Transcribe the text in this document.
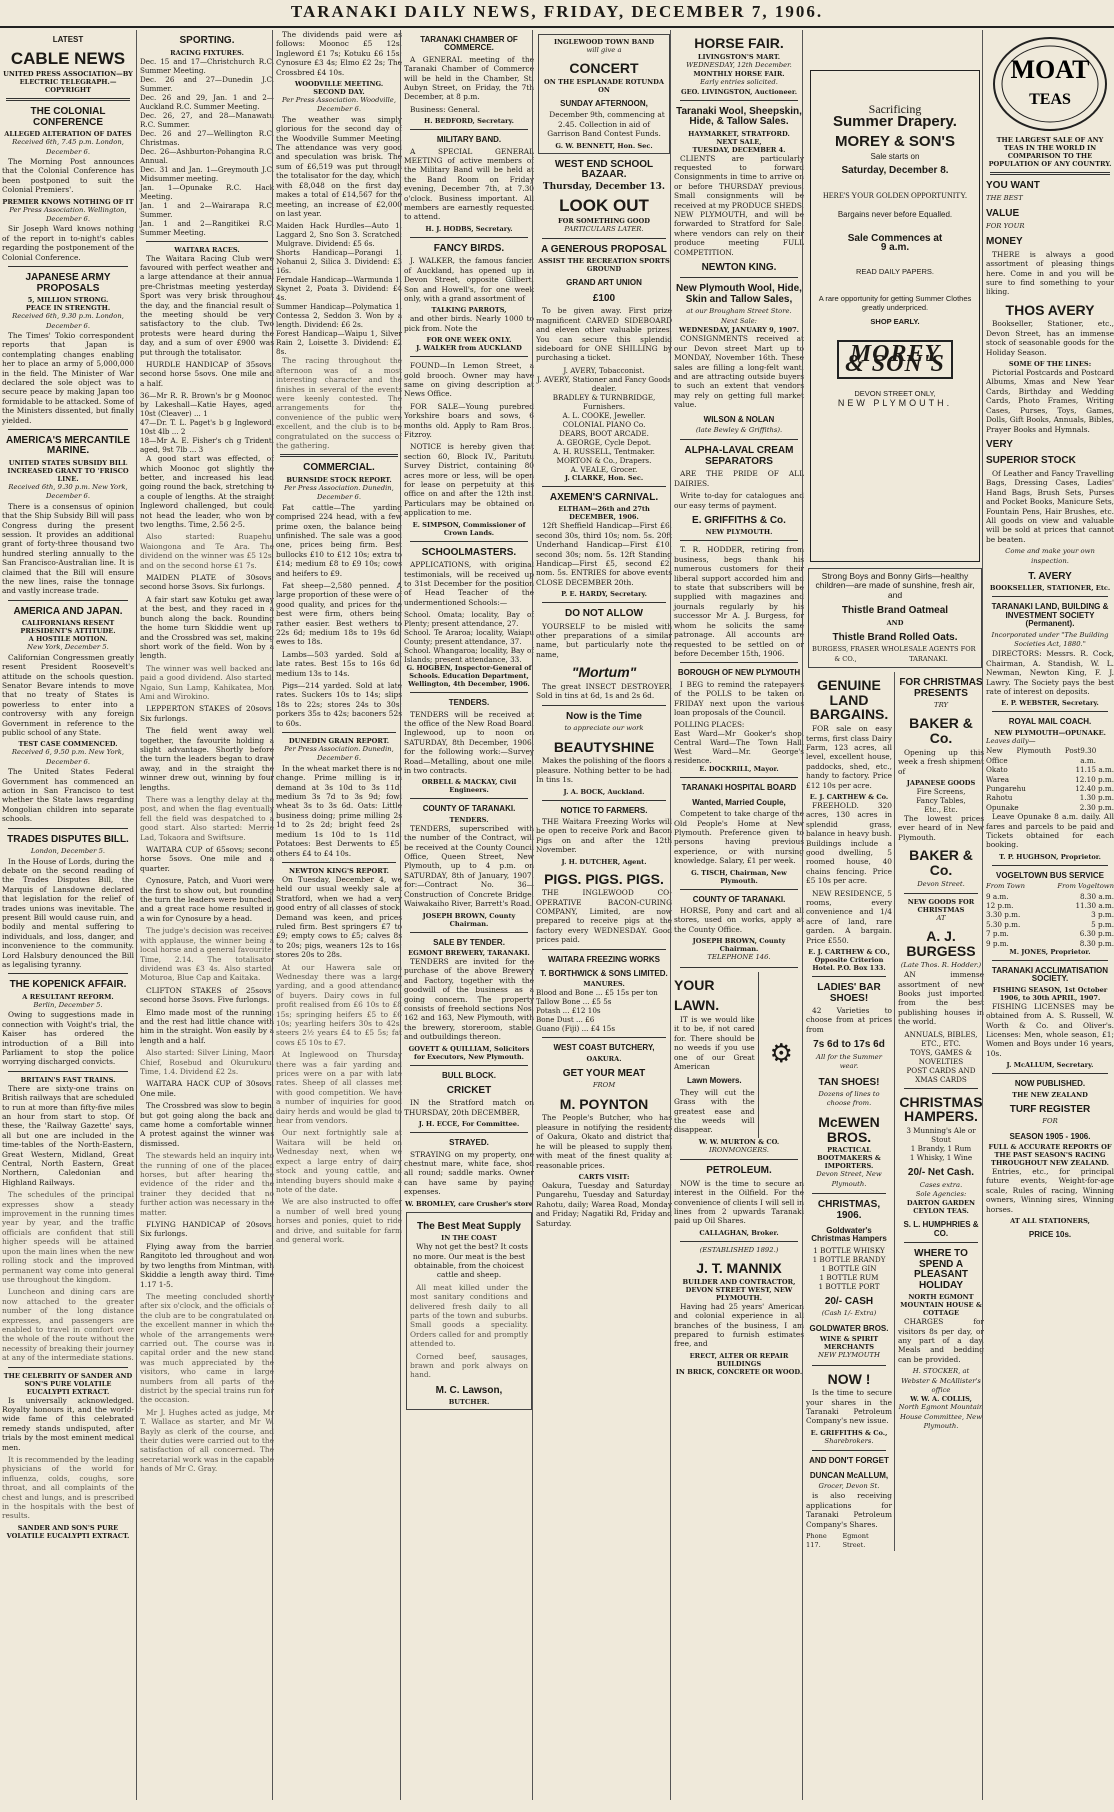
TARANAKI DAILY NEWS, FRIDAY, DECEMBER 7, 1906.
LATEST
CABLE NEWS
UNITED PRESS ASSOCIATION—BY ELECTRIC TELEGRAPH.—COPYRIGHT
THE COLONIAL CONFERENCE
ALLEGED ALTERATION OF DATES
Received 6th, 7.45 p.m. London, December 6.

The Morning Post announces that the Colonial Conference has been postponed to suit the Colonial Premiers'.

PREMIER KNOWS NOTHING OF IT
Per Press Association. Wellington, December 6.

Sir Joseph Ward knows nothing of the report in to-night's cables regarding the postponement of the Colonial Conference.

JAPANESE ARMY PROPOSALS
5, MILLION STRONG.
PEACE IN STRENGTH.
Received 6th, 9.30 p.m. London, December 6.

The Times' Tokio correspondent reports that Japan is contemplating changes enabling her to place an army of 5,000,000 in the field. The Minister of War declared the sole object was to secure peace by making Japan too formidable to be attacked. Some of the Ministers dissented, but finally yielded.

AMERICA'S MERCANTILE MARINE.
UNITED STATES SUBSIDY BILL
INCREASED GRANT TO 'FRISCO LINE.
Received 6th, 9.30 p.m. New York, December 6.

There is a consensus of opinion that the Ship Subsidy Bill will pass Congress during the present session. It provides an additional grant of forty-three thousand two hundred sterling annually to the San Francisco-Australian line. It is claimed that the Bill will ensure the new lines, raise the tonnage and vastly increase trade.

AMERICA AND JAPAN.
CALIFORNIANS RESENT PRESIDENT'S ATTITUDE.
A HOSTILE MOTION.
New York, December 5.

Californian Congressmen greatly resent President Roosevelt's attitude on the schools question. Senator Bevare intends to move that no treaty of States is powerless to enter into a controversy with any foreign Government in reference to the public school of any State.

TEST CASE COMMENCED.
Received 6, 9.50 p.m. New York, December 6.

The United States Federal Government has commenced an action in San Francisco to test whether the State laws regarding Mongolian children into separate schools.

TRADES DISPUTES BILL.
London, December 5.

In the House of Lords, during the debate on the second reading of the Trades Disputes Bill, the Marquis of Lansdowne declared that legislation for the relief of trades unions was inevitable. The present Bill would cause ruin, and bodily and mental suffering to individuals, and loss, danger, and inconvenience to the community. Lord Halsbury denounced the Bill as legalising tyranny.

THE KOPENICK AFFAIR.
A RESULTANT REFORM.
Berlin, December 5.

Owing to suggestions made in connection with Voight's trial, the Kaiser has ordered the introduction of a Bill into Parliament to stop the police worrying discharged convicts.

BRITAIN'S FAST TRAINS.

There are sixty-one trains on British railways that are scheduled to run at more than fifty-five miles an hour from start to stop. Of these, the 'Railway Gazette' says, all but one are included in the time-tables of the North-Eastern, Great Western, Midland, Great Central, North Eastern, Great Northern, Caledonian and Highland Railways.

The schedules of the principal expresses show a steady improvement in the running times year by year, and the traffic officials are confident that still higher speeds will be attained upon the main lines when the new rolling stock and the improved permanent way come into general use throughout the kingdom.

Luncheon and dining cars are now attached to the greater number of the long distance expresses, and passengers are enabled to travel in comfort over the whole of the route without the necessity of breaking their journey at any of the intermediate stations.

THE CELEBRITY OF SANDER AND SON'S PURE VOLATILE EUCALYPTI EXTRACT.

Is universally acknowledged. Royalty honours it, and the world-wide fame of this celebrated remedy stands undisputed, after trials by the most eminent medical men.

It is recommended by the leading physicians of the world for influenza, colds, coughs, sore throat, and all complaints of the chest and lungs, and is prescribed in the hospitals with the best of results.

SANDER AND SON'S PURE VOLATILE EUCALYPTI EXTRACT.
SPORTING.
RACING FIXTURES.
Dec. 15 and 17—Christchurch R.C. Summer Meeting.
Dec. 26 and 27—Dunedin J.C. Summer.
Dec. 26 and 29, Jan. 1 and 2—Auckland R.C. Summer Meeting.
Dec. 26, 27, and 28—Manawatu R.C. Summer.
Dec. 26 and 27—Wellington R.C. Christmas.
Dec. 26—Ashburton-Pohangina R.C. Annual.
Dec. 31 and Jan. 1—Greymouth J.C. Midsummer meeting.
Jan. 1—Opunake R.C. Hack Meeting.
Jan. 1 and 2—Wairarapa R.C. Summer.
Jan. 1 and 2—Rangitikei R.C. Summer Meeting.
WAITARA RACES.

The Waitara Racing Club were favoured with perfect weather and a large attendance at their annual pre-Christmas meeting yesterday. Sport was very brisk throughout the day, and the financial result of the meeting should be very satisfactory to the club. Two protests were heard during the day, and a sum of over £900 was put through the totalisator.

HURDLE HANDICAP of 35sovs; second horse 5sovs. One mile and a half.

36—Mr R. R. Brown's br g Moonoc, by Lakeshall—Katie Hayes, aged, 10st (Cleaver) ... 1
47—Dr. T. L. Paget's b g Ingleword, 10st 4lb ... 2
18—Mr A. E. Fisher's ch g Trident, aged, 9st 7lb ... 3

A good start was effected, of which Moonoc got slightly the better, and increased his lead going round the back, stretching to a couple of lengths. At the straight Ingleword challenged, but could not head the leader, who won by two lengths. Time, 2.56 2-5.

Also started: Ruapehu, Waiongona and Te Ara. The dividend on the winner was £5 12s, and on the second horse £1 7s.

MAIDEN PLATE of 30sovs; second horse 3sovs. Six furlongs.

A fair start saw Kotuku get away at the best, and they raced in a bunch along the back. Rounding the home turn Skiddie went up, and the Crossbred was set, making short work of the field. Won by a length.

The winner was well backed and paid a good dividend. Also started: Ngaio, Sun Lamp, Kahikatea, Mon Ami and Wirokino.

LEPPERTON STAKES of 20sovs. Six furlongs.

The field went away well together, the favourite holding a slight advantage. Shortly before the turn the leaders began to draw away, and in the straight the winner drew out, winning by four lengths.

There was a lengthy delay at the post, and when the flag eventually fell the field was despatched to a good start. Also started: Merrie Lad, Tokaora and Swiftsure.

WAITARA CUP of 65sovs; second horse 5sovs. One mile and a quarter.

Cynosure, Patch, and Vuori were the first to show out, but rounding the turn the leaders were bunched, and a great race home resulted in a win for Cynosure by a head.

The judge's decision was received with applause, the winner being a local horse and a general favourite. Time, 2.14. The totalisator dividend was £3 4s. Also started: Moturoa, Blue Cap and Kaitaka.

CLIFTON STAKES of 25sovs; second horse 3sovs. Five furlongs.

Elmo made most of the running, and the rest had little chance with him in the straight. Won easily by a length and a half.

Also started: Silver Lining, Maori Chief, Rosebud and Okurukuru. Time, 1.4. Dividend £2 2s.

WAITARA HACK CUP of 30sovs. One mile.

The Crossbred was slow to begin, but got going along the back and came home a comfortable winner. A protest against the winner was dismissed.

The stewards held an inquiry into the running of one of the placed horses, but after hearing the evidence of the rider and the trainer they decided that no further action was necessary in the matter.

FLYING HANDICAP of 20sovs. Six furlongs.

Flying away from the barrier, Rangitoto led throughout and won by two lengths from Mintman, with Skiddie a length away third. Time 1.17 1-5.

The meeting concluded shortly after six o'clock, and the officials of the club are to be congratulated on the excellent manner in which the whole of the arrangements were carried out. The course was in capital order and the new stand was much appreciated by the visitors, who came in large numbers from all parts of the district by the special trains run for the occasion.

Mr J. Hughes acted as judge, Mr T. Wallace as starter, and Mr W. Bayly as clerk of the course, and their duties were carried out to the satisfaction of all concerned. The secretarial work was in the capable hands of Mr C. Gray.

The dividends paid were as follows: Moonoc £5 12s, Ingleword £1 7s; Kotuku £6 15s; Cynosure £3 4s; Elmo £2 2s; The Crossbred £4 10s.

WOODVILLE MEETING.
SECOND DAY.
Per Press Association. Woodville, December 6.

The weather was simply glorious for the second day of the Woodville Summer Meeting. The attendance was very good and speculation was brisk. The sum of £6,519 was put through the totalisator for the day, which, with £8,048 on the first day, makes a total of £14,567 for the meeting, an increase of £2,000 on last year.

Maiden Hack Hurdles—Auto 1, Laggard 2, Sno Son 3. Scratched: Mulgrave. Dividend: £5 6s.
Shorts Handicap—Porangi 1, Nohanui 2, Silica 3. Dividend: £3 16s.
Ferndale Handicap—Warmunda 1, Skynet 2, Poata 3. Dividend: £4 4s.
Summer Handicap—Polymatica 1, Contessa 2, Seddon 3. Won by a length. Dividend: £6 2s.
Forest Handicap—Waipu 1, Silver Rain 2, Loisette 3. Dividend: £2 8s.

The racing throughout the afternoon was of a most interesting character and the finishes in several of the events were keenly contested. The arrangements for the convenience of the public were excellent, and the club is to be congratulated on the success of the gathering.

COMMERCIAL.
BURNSIDE STOCK REPORT.
Per Press Association. Dunedin, December 6.

Fat cattle—The yarding comprised 224 head, with a few prime oxen, the balance being unfinished. The sale was a good one, prices being firm. Best bullocks £10 to £12 10s; extra to £14; medium £8 to £9 10s; cows and heifers to £9.

Fat sheep—2,580 penned. A large proportion of these were of good quality, and prices for the best were firm, others being rather easier. Best wethers to 22s 6d; medium 18s to 19s 6d; ewes to 18s.

Lambs—503 yarded. Sold at late rates. Best 15s to 16s 6d; medium 13s to 14s.

Pigs—214 yarded. Sold at late rates. Suckers 10s to 14s; slips 18s to 22s; stores 24s to 30s; porkers 35s to 42s; baconers 52s to 60s.

DUNEDIN GRAIN REPORT.
Per Press Association. Dunedin, December 6.

In the wheat market there is no change. Prime milling is in demand at 3s 10d to 3s 11d; medium 3s 7d to 3s 9d; fowl wheat 3s to 3s 6d. Oats: Little business doing; prime milling 2s 1d to 2s 2d; bright feed 2s; medium 1s 10d to 1s 11d. Potatoes: Best Derwents to £5; others £4 to £4 10s.

NEWTON KING'S REPORT.

On Tuesday, December 4, we held our usual weekly sale at Stratford, when we had a very good entry of all classes of stock. Demand was keen, and prices ruled firm. Best springers £7 to £9; empty cows to £5; calves 8s to 20s; pigs, weaners 12s to 16s; stores 20s to 28s.

At our Hawera sale on Wednesday there was a large yarding, and a good attendance of buyers. Dairy cows in full profit realised from £6 10s to £8 15s; springing heifers £5 to £6 10s; yearling heifers 30s to 42s; steers 2½ years £4 to £5 5s; fat cows £5 10s to £7.

At Inglewood on Thursday there was a fair yarding and prices were on a par with late rates. Sheep of all classes met with good competition. We have a number of inquiries for good dairy herds and would be glad to hear from vendors.

Our next fortnightly sale at Waitara will be held on Wednesday next, when we expect a large entry of dairy stock and young cattle, and intending buyers should make a note of the date.

We are also instructed to offer a number of well bred young horses and ponies, quiet to ride and drive, and suitable for farm and general work.

TARANAKI CHAMBER OF COMMERCE.

A GENERAL meeting of the Taranaki Chamber of Commerce will be held in the Chamber, St. Aubyn Street, on Friday, the 7th December, at 8 p.m.

Business: General.

H. BEDFORD, Secretary.
MILITARY BAND.

A SPECIAL GENERAL MEETING of active members of the Military Band will be held at the Band Room on Friday evening, December 7th, at 7.30 o'clock. Business important. All members are earnestly requested to attend.

H. J. HODBS, Secretary.
FANCY BIRDS.

J. WALKER, the famous fancier, of Auckland, has opened up in Devon Street, opposite Gilbert, Son and Howell's, for one week only, with a grand assortment of

TALKING PARROTS,

and other birds. Nearly 1000 to pick from. Note the

FOR ONE WEEK ONLY.
J. WALKER from AUCKLAND

FOUND—In Lemon Street, a gold brooch. Owner may have same on giving description at News Office.

FOR SALE—Young purebred Yorkshire boars and sows, 6 months old. Apply to Ram Bros., Fitzroy.

NOTICE is hereby given that section 60, Block IV., Paritutu Survey District, containing 80 acres more or less, will be open for lease on perpetuity at this office on and after the 12th inst. Particulars may be obtained on application to me.

E. SIMPSON, Commissioner of Crown Lands.
SCHOOLMASTERS.

APPLICATIONS, with original testimonials, will be received up to 31st December for the position of Head Teacher of the undermentioned Schools:—

School. Omata; locality, Bay of Plenty; present attendance, 27.
School. Te Araroa; locality, Waiapu County; present attendance, 37.
School. Whangaroa; locality, Bay of Islands; present attendance, 33.
G. HOGBEN, Inspector-General of Schools. Education Department, Wellington, 4th December, 1906.
TENDERS.

TENDERS will be received at the office of the New Road Board, Inglewood, up to noon on SATURDAY, 8th December, 1906, for the following work:—Survey Road—Metalling, about one mile, in two contracts.

ORBELL & MACKAY, Civil Engineers.
COUNTY OF TARANAKI.
TENDERS.

TENDERS, superscribed with the number of the Contract, will be received at the County Council Office, Queen Street, New Plymouth, up to 4 p.m. on SATURDAY, 8th of January, 1907, for:—Contract No. 36—Construction of Concrete Bridge, Waiwakaiho River, Barrett's Road.

JOSEPH BROWN, County Chairman.
SALE BY TENDER.
EGMONT BREWERY, TARANAKI.

TENDERS are invited for the purchase of the above Brewery and Factory, together with the goodwill of the business as a going concern. The property consists of freehold sections Nos. 162 and 163, New Plymouth, with the brewery, storeroom, stable, and outbuildings thereon.

GOVETT & QUILLIAM, Solicitors for Executors, New Plymouth.
BULL BLOCK.
CRICKET

IN the Stratford match on THURSDAY, 20th DECEMBER,

J. H. ECCE, For Committee.
STRAYED.

STRAYING on my property, one chestnut mare, white face, shod all round; saddle marks. Owner can have same by paying expenses.

W. BROMLEY, care Crusher's store
The Best Meat Supply
IN THE COAST

Why not get the best? It costs no more. Our meat is the best obtainable, from the choicest cattle and sheep.

All meat killed under the most sanitary conditions and delivered fresh daily to all parts of the town and suburbs. Small goods a speciality. Orders called for and promptly attended to.

Corned beef, sausages, brawn and pork always on hand.

M. C. Lawson,
BUTCHER.
INGLEWOOD TOWN BAND
will give a
CONCERT
ON THE ESPLANADE ROTUNDA ON
SUNDAY AFTERNOON,

December 9th, commencing at 2.45. Collection in aid of Garrison Band Contest Funds.

G. W. BENNETT, Hon. Sec.
WEST END SCHOOL BAZAAR.
Thursday, December 13.
LOOK OUT
FOR SOMETHING GOOD
PARTICULARS LATER.
A GENEROUS PROPOSAL
ASSIST THE RECREATION SPORTS GROUND
GRAND ART UNION
£100

To be given away. First prize magnificent CARVED SIDEBOARD and eleven other valuable prizes. You can secure this splendid sideboard for ONE SHILLING by purchasing a ticket.

J. AVERY, Tobacconist.
J. AVERY, Stationer and Fancy Goods dealer.
BRADLEY & TURNBRIDGE, Furnishers.
A. L. COOKE, Jeweller.
COLONIAL PIANO Co.
DEARS, BOOT ARCADE.
A. GEORGE, Cycle Depot.
A. H. RUSSELL, Tentmaker.
MORTON & Co., Drapers.
A. VEALE, Grocer.
J. CLARKE, Hon. Sec.
AXEMEN'S CARNIVAL.
ELTHAM—26th and 27th DECEMBER, 1906.

12ft Sheffield Handicap—First £6, second 30s, third 10s; nom. 5s. 20ft Underhand Handicap—First £10, second 30s; nom. 5s. 12ft Standing Handicap—First £5, second £2; nom. 5s. ENTRIES for above events CLOSE DECEMBER 20th.

P. E. HARDY, Secretary.
DO NOT ALLOW

YOURSELF to be misled with other preparations of a similar name, but particularly note the name,

"Mortum"

The great INSECT DESTROYER. Sold in tins at 6d, 1s and 2s 6d.

Now is the Time
to appreciate our work
BEAUTYSHINE

Makes the polishing of the floors a pleasure. Nothing better to be had. In tins 1s.

J. A. BOCK, Auckland.
NOTICE TO FARMERS.

THE Waitara Freezing Works will be open to receive Pork and Bacon Pigs on and after the 12th November.

J. H. DUTCHER, Agent.
PIGS. PIGS. PIGS.

THE INGLEWOOD CO-OPERATIVE BACON-CURING COMPANY, Limited, are now prepared to receive pigs at the factory every WEDNESDAY. Good prices paid.

WAITARA FREEZING WORKS
T. BORTHWICK & SONS LIMITED.
MANURES.
Blood and Bone ... £5 15s per ton
Tallow Bone ... £5 5s
Potash ... £12 10s
Bone Dust ... £6
Guano (Fiji) ... £4 15s
WEST COAST BUTCHERY,
OAKURA.
GET YOUR MEAT
FROM
M. POYNTON

The People's Butcher, who has pleasure in notifying the residents of Oakura, Okato and district that he will be pleased to supply them with meat of the finest quality at reasonable prices.

CARTS VISIT:

Oakura, Tuesday and Saturday; Pungarehu, Tuesday and Saturday; Rahotu, daily; Warea Road, Monday and Friday; Nagatiki Rd, Friday and Saturday.

HORSE FAIR.
LIVINGSTON'S MART.
WEDNESDAY, 12th December.
MONTHLY HORSE FAIR.
Early entries solicited.
GEO. LIVINGSTON, Auctioneer.
Taranaki Wool, Sheepskin, Hide, & Tallow Sales.
HAYMARKET, STRATFORD.
NEXT SALE,
TUESDAY, DECEMBER 4.

CLIENTS are particularly requested to forward Consignments in time to arrive on or before THURSDAY previous. Small consignments will be received at my PRODUCE SHEDS, NEW PLYMOUTH, and will be forwarded to Stratford for Sale, where vendors can rely on their produce meeting FULL COMPETITION.

NEWTON KING.
New Plymouth Wool, Hide, Skin and Tallow Sales,
at our Brougham Street Store.
Next Sale:
WEDNESDAY, JANUARY 9, 1907.

CONSIGNMENTS received at our Devon street Mart up to MONDAY, November 16th. These sales are filling a long-felt want, and are attracting outside buyers to such an extent that vendors may rely on getting full market value.

WILSON & NOLAN
(late Bewley & Griffiths).
ALPHA-LAVAL CREAM SEPARATORS

ARE THE PRIDE OF ALL DAIRIES.

Write to-day for catalogues and our easy terms of payment.

E. GRIFFITHS & Co.
NEW PLYMOUTH.

T. R. HODDER, retiring from business, begs thank his numerous customers for their liberal support accorded him and to state that subscribers will be supplied with magazines and journals regularly by his successor Mr A. J. Burgess, for whom he solicits the same patronage. All accounts are requested to be settled on or before December 15th, 1906.

BOROUGH OF NEW PLYMOUTH

I BEG to remind the ratepayers of the POLLS to be taken on FRIDAY next upon the various loan proposals of the Council.

POLLING PLACES:
East Ward—Mr Gooker's shop, Central Ward—The Town Hall, West Ward—Mr. George's residence.
E. DOCKRILL, Mayor.
TARANAKI HOSPITAL BOARD
Wanted, Married Couple,

Competent to take charge of the Old People's Home at New Plymouth. Preference given to persons having previous experience, or with nursing knowledge. Salary, £1 per week.

G. TISCH, Chairman, New Plymouth.
COUNTY OF TARANAKI.

HORSE, Pony and cart and all stores, used on works, apply at the County Office.

JOSEPH BROWN, County Chairman.
TELEPHONE 146.
YOUR
LAWN.

IT is we would like it to be, if not cared for. There should be no weeds if you use one of our Great American

Lawn Mowers.

They will cut the Grass with the greatest ease and the weeds will disappear.

⚙
W. W. MURTON & CO.
IRONMONGERS.
PETROLEUM.

NOW is the time to secure an interest in the Oilfield. For the convenience of clients I will sell in lines from 2 upwards Taranaki paid up Oil Shares.

CALLAGHAN, Broker.
(ESTABLISHED 1892.)
J. T. MANNIX
BUILDER AND CONTRACTOR,
DEVON STREET WEST, NEW PLYMOUTH.

Having had 25 years' American and colonial experience in all branches of the business, I am prepared to furnish estimates free, and

ERECT, ALTER OR REPAIR BUILDINGS
IN BRICK, CONCRETE OR WOOD.
Sacrificing
Summer Drapery.
MOREY & SON'S
Sale starts on
Saturday, December 8.
HERE'S YOUR GOLDEN OPPORTUNITY.
Bargains never before Equalled.
Sale Commences at
9 a.m.
READ DAILY PAPERS.
A rare opportunity for getting Summer Clothes greatly underpriced.
SHOP EARLY.
MOREY & SON'S
DEVON STREET ONLY,
NEW PLYMOUTH.
Strong Boys and Bonny Girls—healthy children—are made of sunshine, fresh air, and
Thistle Brand Oatmeal
AND
Thistle Brand Rolled Oats.
BURGESS, FRASER & CO.,
WHOLESALE AGENTS FOR TARANAKI.
GENUINE LAND BARGAINS.

FOR sale on easy terms, first class Dairy Farm, 123 acres, all level, excellent house, paddocks, shed, etc., handy to factory. Price £12 10s per acre.

E. J. CARTHEW & Co.

FREEHOLD. 320 acres, 130 acres in splendid grass, balance in heavy bush. Buildings include a good dwelling, 5 roomed house, 40 chains fencing. Price £5 10s per acre.

NEW RESIDENCE, 5 rooms, every convenience and 1/4 acre of land, rare garden. A bargain. Price £550.

E. J. CARTHEW & CO., Opposite Criterion Hotel. P.O. Box 133.
LADIES' BAR SHOES!

42 Varieties to choose from at prices from

7s 6d to 17s 6d
All for the Summer wear.
TAN SHOES!
Dozens of lines to choose from.
McEWEN BROS.
PRACTICAL BOOTMAKERS & IMPORTERS.
Devon Street, New Plymouth.
CHRISTMAS, 1906.
Goldwater's Christmas Hampers
1 BOTTLE WHISKY
1 BOTTLE BRANDY
1 BOTTLE GIN
1 BOTTLE RUM
1 BOTTLE PORT
20/- CASH
(Cash 1/- Extra)
GOLDWATER BROS.
WINE & SPIRIT MERCHANTS
NEW PLYMOUTH
NOW !

Is the time to secure your shares in the Taranaki Petroleum Company's new issue.

E. GRIFFITHS & Co.,
Sharebrokers.
AND DON'T FORGET
DUNCAN McALLUM,
Grocer, Devon St.

is also receiving applications for Taranaki Petroleum Company's Shares.

Phone 117.
Egmont Street.
FOR CHRISTMAS PRESENTS
TRY
BAKER & Co.

Opening up this week a fresh shipment of

JAPANESE GOODS
Fire Screens,
Fancy Tables,
Etc., Etc.

The lowest prices ever heard of in New Plymouth.

BAKER & Co.
Devon Street.
NEW GOODS FOR CHRISTMAS
AT
A. J. BURGESS
(Late Thos. R. Hodder.)

AN immense assortment of new Books just imported from the best publishing houses in the world.

ANNUALS, BIBLES, ETC., ETC.
TOYS, GAMES & NOVELTIES
POST CARDS AND XMAS CARDS
CHRISTMAS HAMPERS.
3 Munning's Ale or Stout
1 Brandy, 1 Rum
1 Whisky, 1 Wine
20/- Net Cash.
Cases extra.
Sole Agencies:
DARTON GARDEN CEYLON TEAS.
S. L. HUMPHRIES & CO.
WHERE TO SPEND A PLEASANT HOLIDAY
NORTH EGMONT MOUNTAIN HOUSE & COTTAGE

CHARGES for visitors 8s per day, or any part of a day. Meals and bedding can be provided.

H. STOCKER, at Webster & McAllister's office
W. W. A. COLLIS,
North Egmont Mountain House Committee, New Plymouth.
MOAT
TEAS
THE LARGEST SALE OF ANY TEAS IN THE WORLD IN COMPARISON TO THE POPULATION OF ANY COUNTRY.
YOU WANT
THE BEST
VALUE
FOR YOUR
MONEY

THERE is always a good assortment of pleasing things here. Come in and you will be sure to find something to your liking.

THOS AVERY

Bookseller, Stationer, etc., Devon Street, has an immense stock of seasonable goods for the Holiday Season.

SOME OF THE LINES:

Pictorial Postcards and Postcard Albums, Xmas and New Year Cards, Birthday and Wedding Cards, Photo Frames, Writing Cases, Purses, Toys, Games, Dolls, Gift Books, Annuals, Bibles, Prayer Books and Hymnals.

VERY
SUPERIOR STOCK

Of Leather and Fancy Travelling Bags, Dressing Cases, Ladies' Hand Bags, Brush Sets, Purses and Pocket Books, Manicure Sets, Fountain Pens, Hair Brushes, etc. All goods on view and valuable will be sold at prices that cannot be beaten.

Come and make your own inspection.
T. AVERY
BOOKSELLER, STATIONER, Etc.
TARANAKI LAND, BUILDING & INVESTMENT SOCIETY (Permanent).
Incorporated under "The Building Societies Act, 1880."

DIRECTORS: Messrs. R. Cock, Chairman, A. Standish, W. L. Newman, Newton King, F. J. Lawry. The Society pays the best rate of interest on deposits.

E. P. WEBSTER, Secretary.
ROYAL MAIL COACH.
NEW PLYMOUTH—OPUNAKE.
Leaves daily—
New Plymouth Post Office
9.30 a.m.
Okato	11.15 a.m.
Warea	12.10 p.m.
Pungarehu	12.40 p.m.
Rahotu	1.30 p.m.
Opunake	2.30 p.m.

Leave Opunake 8 a.m. daily. All fares and parcels to be paid and Tickets obtained for each booking.

T. P. HUGHSON, Proprietor.
VOGELTOWN BUS SERVICE
From Town	From Vogeltown
9 a.m.	8.30 a.m.
12 p.m.	11.30 a.m.
3.30 p.m.	3 p.m.
5.30 p.m.	5 p.m.
7 p.m.	6.30 p.m.
9 p.m.	8.30 p.m.
M. JONES, Proprietor.
TARANAKI ACCLIMATISATION SOCIETY.
FISHING SEASON, 1st October 1906, to 30th APRIL, 1907.

FISHING LICENSES may be obtained from A. S. Russell, W. Worth & Co. and Oliver's. Licenses: Men, whole season, £1; Women and Boys under 16 years, 10s.

J. McALLUM, Secretary.
NOW PUBLISHED.
THE NEW ZEALAND
TURF REGISTER
FOR
SEASON 1905 - 1906.
FULL & ACCURATE REPORTS OF
THE PAST SEASON'S RACING THROUGHOUT NEW ZEALAND.

Entries, etc., for principal future events, Weight-for-age scale, Rules of racing, Winning owners, Winning sires, Winning horses.

AT ALL STATIONERS,
PRICE 10s.
